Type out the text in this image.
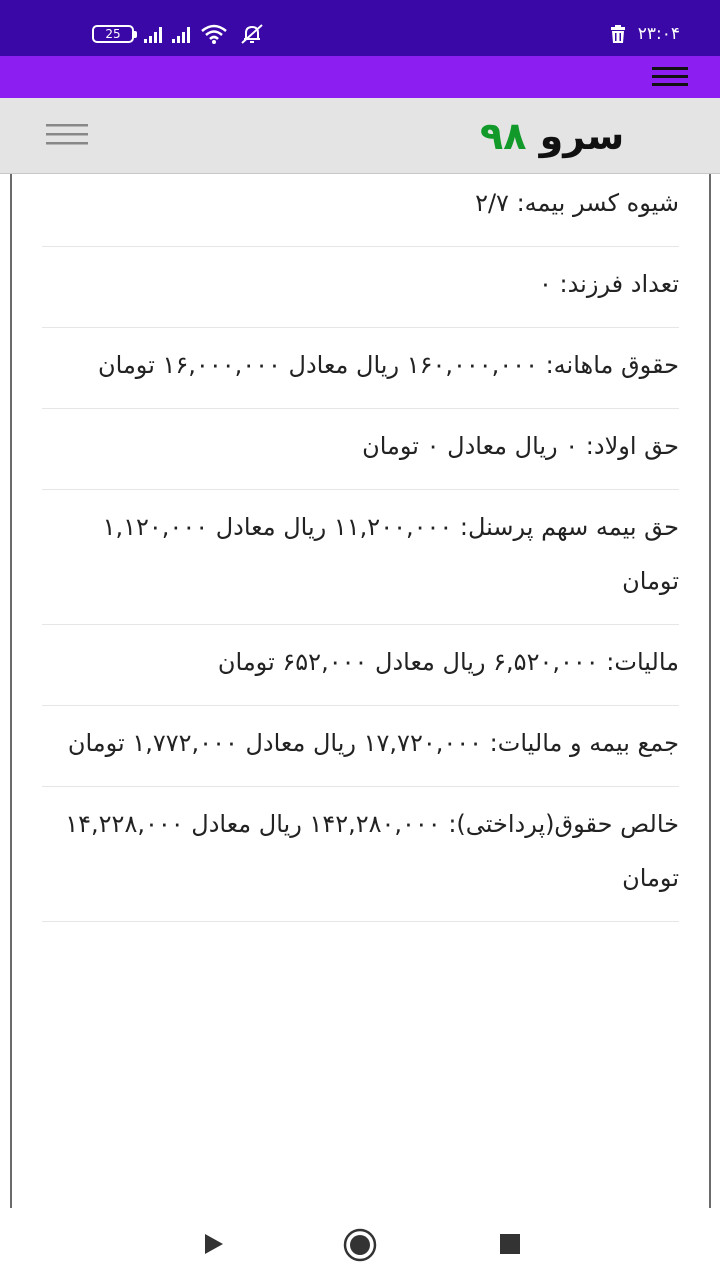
25	۲۳:۰۴
سرو ۹۸
شیوه کسر بیمه: ۲/۷
تعداد فرزند: ۰
حقوق ماهانه: ۱۶۰,۰۰۰,۰۰۰ ریال معادل ۱۶,۰۰۰,۰۰۰ تومان
حق اولاد: ۰ ریال معادل ۰ تومان
حق بیمه سهم پرسنل: ۱۱,۲۰۰,۰۰۰ ریال معادل ۱,۱۲۰,۰۰۰ تومان
مالیات: ۶,۵۲۰,۰۰۰ ریال معادل ۶۵۲,۰۰۰ تومان
جمع بیمه و مالیات: ۱۷,۷۲۰,۰۰۰ ریال معادل ۱,۷۷۲,۰۰۰ تومان
خالص حقوق(پرداختی): ۱۴۲,۲۸۰,۰۰۰ ریال معادل ۱۴,۲۲۸,۰۰۰ تومان
